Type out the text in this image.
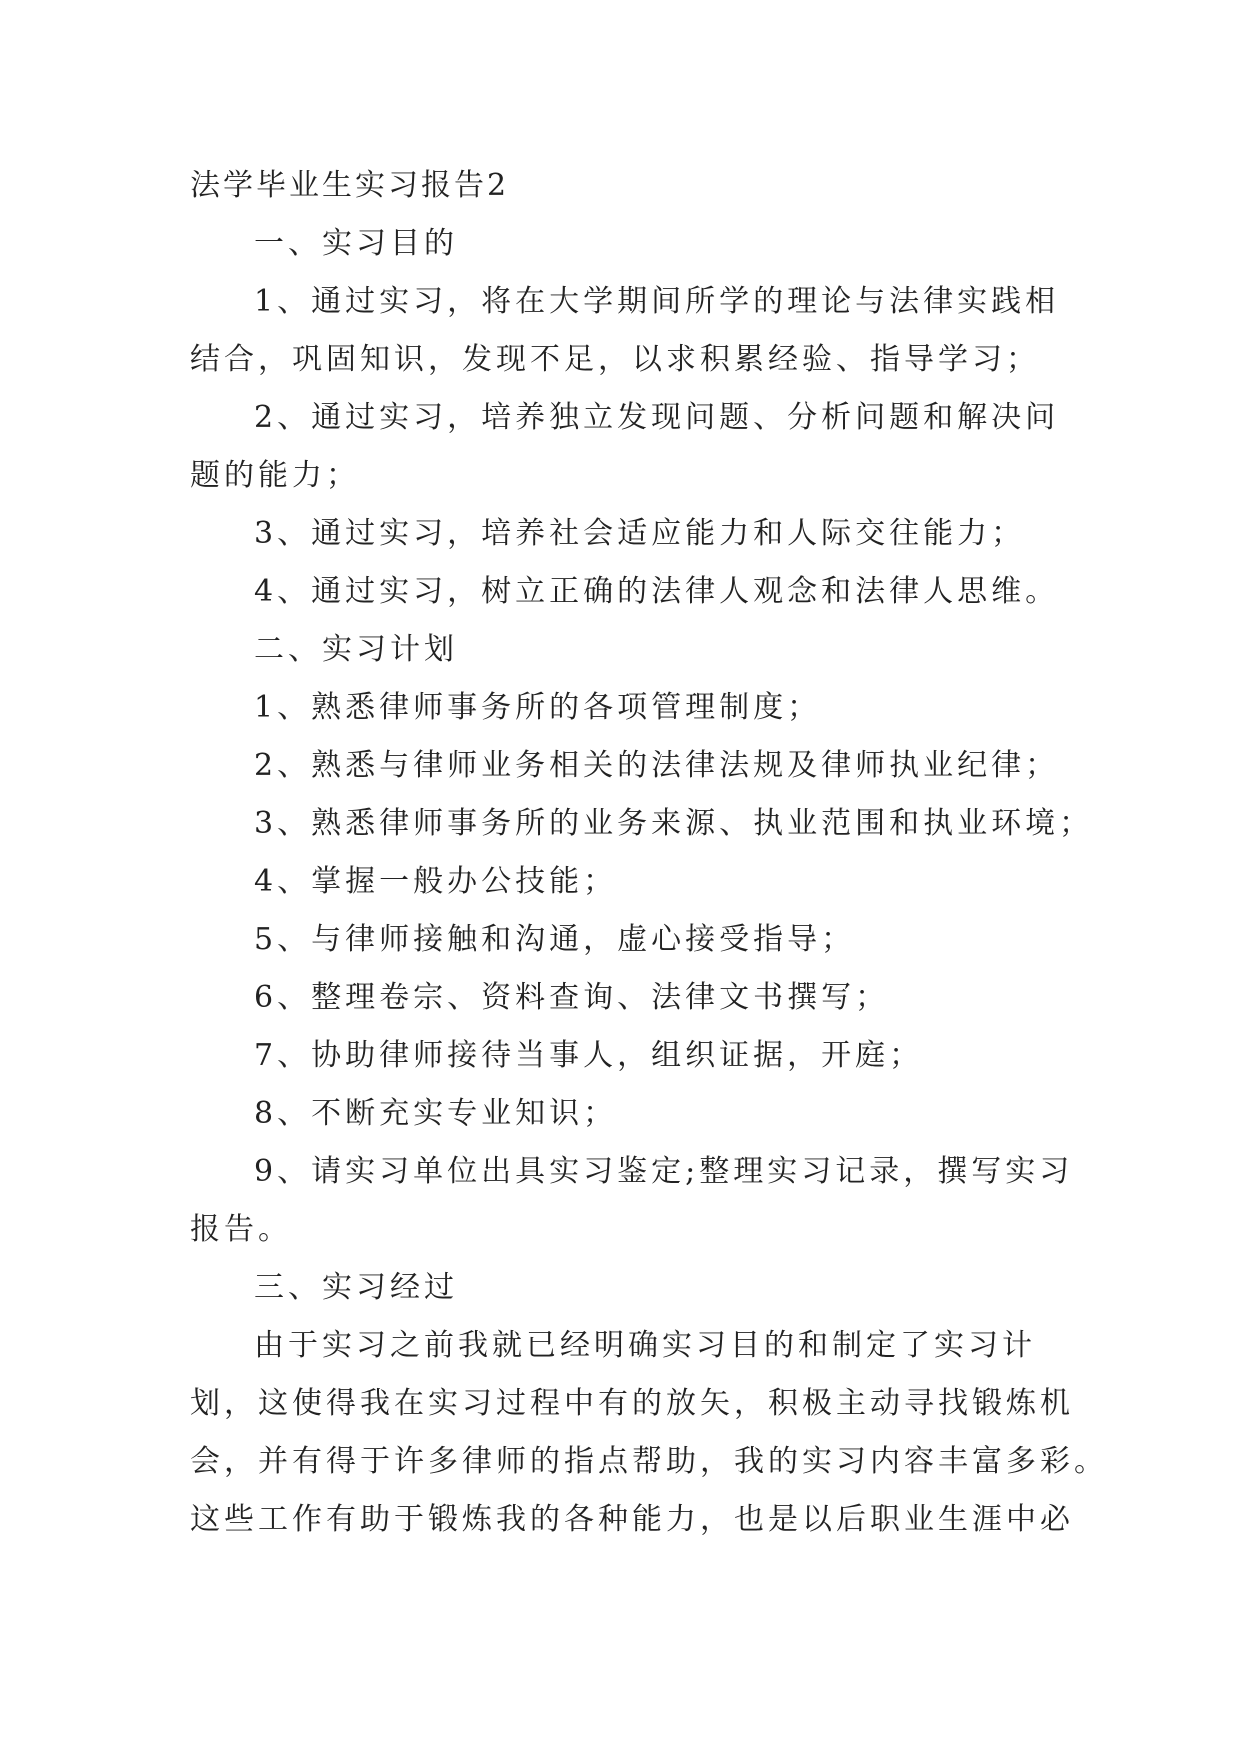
法学毕业生实习报告2
一、实习目的
1、通过实习，将在大学期间所学的理论与法律实践相
结合，巩固知识，发现不足，以求积累经验、指导学习；
2、通过实习，培养独立发现问题、分析问题和解决问
题的能力；
3、通过实习，培养社会适应能力和人际交往能力；
4、通过实习，树立正确的法律人观念和法律人思维。
二、实习计划
1、熟悉律师事务所的各项管理制度；
2、熟悉与律师业务相关的法律法规及律师执业纪律；
3、熟悉律师事务所的业务来源、执业范围和执业环境；
4、掌握一般办公技能；
5、与律师接触和沟通，虚心接受指导；
6、整理卷宗、资料查询、法律文书撰写；
7、协助律师接待当事人，组织证据，开庭；
8、不断充实专业知识；
9、请实习单位出具实习鉴定;整理实习记录，撰写实习
报告。
三、实习经过
由于实习之前我就已经明确实习目的和制定了实习计
划，这使得我在实习过程中有的放矢，积极主动寻找锻炼机
会，并有得于许多律师的指点帮助，我的实习内容丰富多彩。
这些工作有助于锻炼我的各种能力，也是以后职业生涯中必
